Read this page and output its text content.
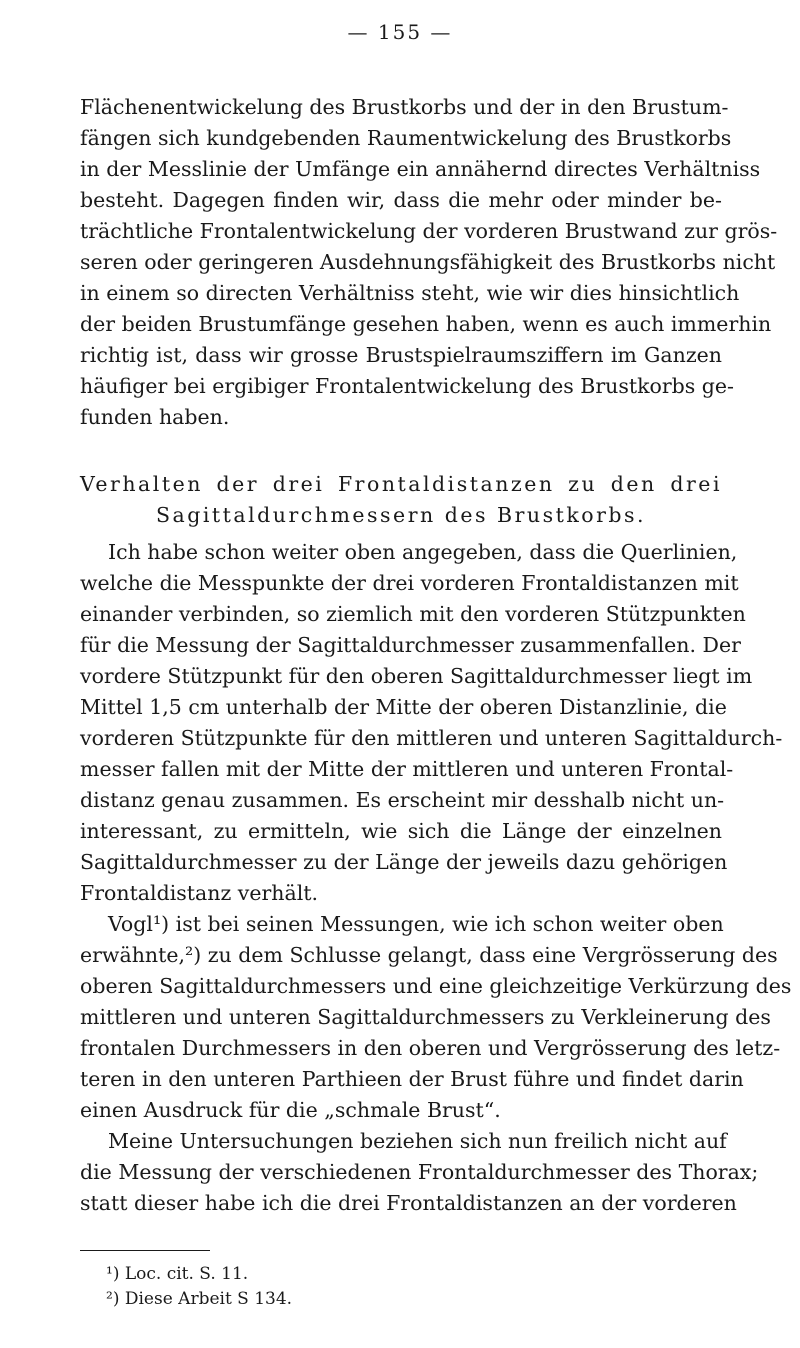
— 155 —
Flächenentwickelung des Brustkorbs und der in den Brustum-
fängen sich kundgebenden Raumentwickelung des Brustkorbs
in der Messlinie der Umfänge ein annähernd directes Verhältniss
besteht. Dagegen finden wir, dass die mehr oder minder be-
trächtliche Frontalentwickelung der vorderen Brustwand zur grös-
seren oder geringeren Ausdehnungsfähigkeit des Brustkorbs nicht
in einem so directen Verhältniss steht, wie wir dies hinsichtlich
der beiden Brustumfänge gesehen haben, wenn es auch immerhin
richtig ist, dass wir grosse Brustspielraumsziffern im Ganzen
häufiger bei ergibiger Frontalentwickelung des Brustkorbs ge-
funden haben.
Verhalten der drei Frontaldistanzen zu den drei
Sagittaldurchmessern des Brustkorbs.
Ich habe schon weiter oben angegeben, dass die Querlinien,
welche die Messpunkte der drei vorderen Frontaldistanzen mit
einander verbinden, so ziemlich mit den vorderen Stützpunkten
für die Messung der Sagittaldurchmesser zusammenfallen. Der
vordere Stützpunkt für den oberen Sagittaldurchmesser liegt im
Mittel 1,5 cm unterhalb der Mitte der oberen Distanzlinie, die
vorderen Stützpunkte für den mittleren und unteren Sagittaldurch-
messer fallen mit der Mitte der mittleren und unteren Frontal-
distanz genau zusammen. Es erscheint mir desshalb nicht un-
interessant, zu ermitteln, wie sich die Länge der einzelnen
Sagittaldurchmesser zu der Länge der jeweils dazu gehörigen
Frontaldistanz verhält.
Vogl¹) ist bei seinen Messungen, wie ich schon weiter oben
erwähnte,²) zu dem Schlusse gelangt, dass eine Vergrösserung des
oberen Sagittaldurchmessers und eine gleichzeitige Verkürzung des
mittleren und unteren Sagittaldurchmessers zu Verkleinerung des
frontalen Durchmessers in den oberen und Vergrösserung des letz-
teren in den unteren Parthieen der Brust führe und findet darin
einen Ausdruck für die „schmale Brust“.
Meine Untersuchungen beziehen sich nun freilich nicht auf
die Messung der verschiedenen Frontaldurchmesser des Thorax;
statt dieser habe ich die drei Frontaldistanzen an der vorderen
¹) Loc. cit. S. 11.
²) Diese Arbeit S 134.
